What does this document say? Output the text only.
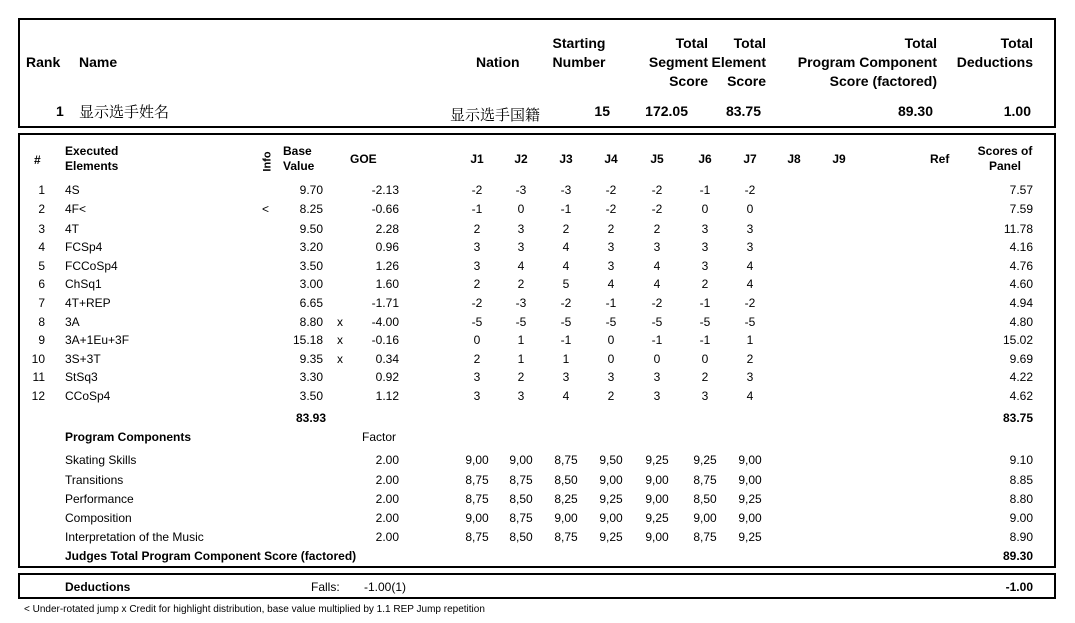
Rank Name	Nation
Starting
Number
Total
Segment
Score
Total
Element
Score
Total
Program Component
Score (factored)
Total
Deductions
1 显示选手姓名	显示选手国籍	15	172.05	83.75	89.30	1.00
#
Executed
Elements	Info
Base
Value	GOE	J1	J2	J3	J4	J5	J6	J7	J8	J9	Ref
Scores of
Panel
1 4S	9.70	-2.13	-2	-3	-3	-2	-2	-1	-2	7.57
2 4F<	<	8.25	-0.66	-1	0	-1	-2	-2	0	0	7.59
3 4T	9.50	2.28	2	3	2	2	2	3	3	11.78
4 FCSp4	3.20	0.96	3	3	4	3	3	3	3	4.16
5 FCCoSp4	3.50	1.26	3	4	4	3	4	3	4	4.76
6 ChSq1	3.00	1.60	2	2	5	4	4	2	4	4.60
7 4T+REP	6.65	-1.71	-2	-3	-2	-1	-2	-1	-2	4.94
8 3A	8.80 x	-4.00	-5	-5	-5	-5	-5	-5	-5	4.80
9 3A+1Eu+3F	15.18 x	-0.16	0	1	-1	0	-1	-1	1	15.02
10 3S+3T	9.35 x	0.34	2	1	1	0	0	0	2	9.69
11 StSq3	3.30	0.92	3	2	3	3	3	2	3	4.22
12 CCoSp4	3.50	1.12	3	3	4	2	3	3	4	4.62
83.93	83.75
Program Components	Factor
Skating Skills	2.00	9,00	9,00	8,75	9,50	9,25	9,25	9,00	9.10
Transitions	2.00	8,75	8,75	8,50	9,00	9,00	8,75	9,00	8.85
Performance	2.00	8,75	8,50	8,25	9,25	9,00	8,50	9,25	8.80
Composition	2.00	9,00	8,75	9,00	9,00	9,25	9,00	9,00	9.00
Interpretation of the Music	2.00	8,75	8,50	8,75	9,25	9,00	8,75	9,25	8.90
Judges Total Program Component Score (factored)	89.30
Deductions	Falls: -1.00(1)	-1.00
< Under-rotated jump x Credit for highlight distribution, base value multiplied by 1.1 REP Jump repetition
